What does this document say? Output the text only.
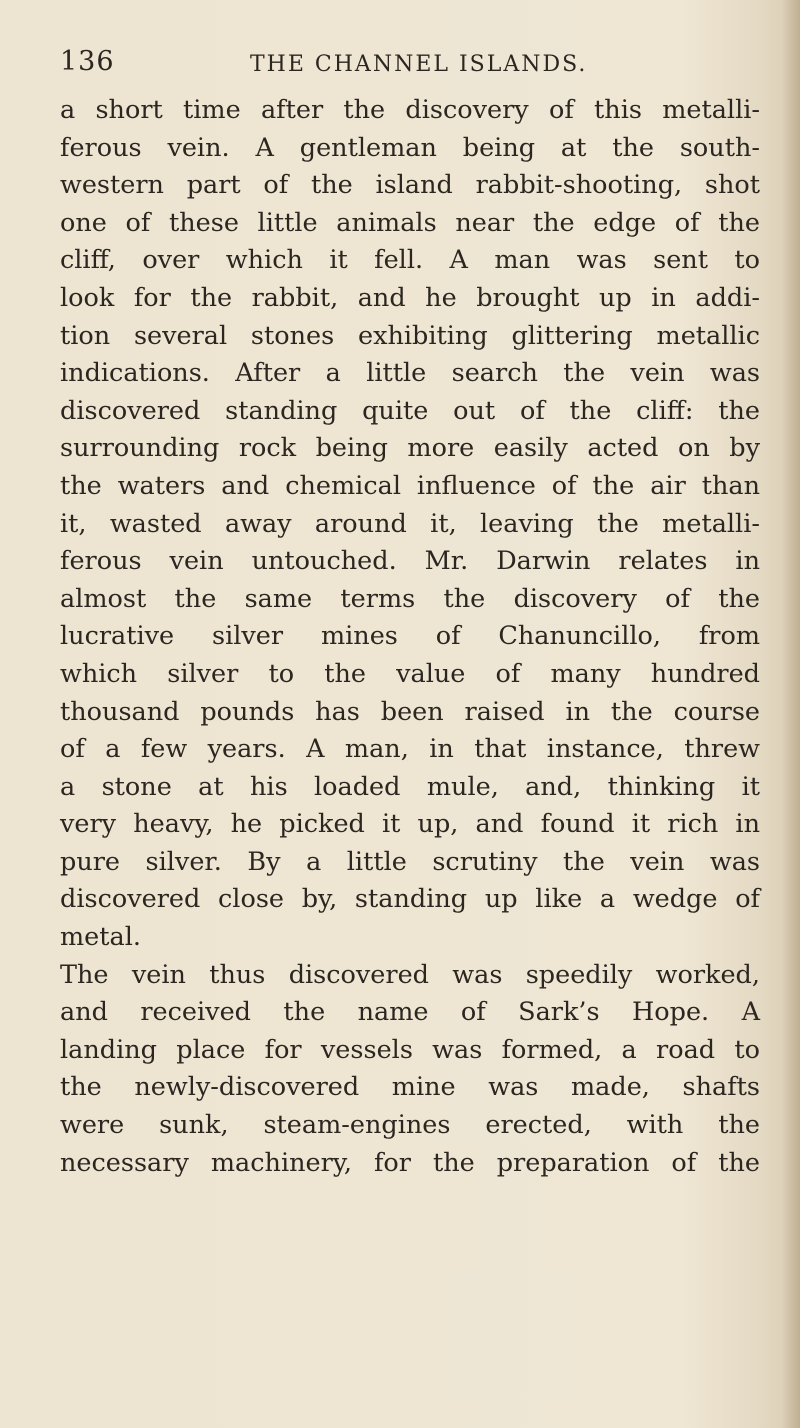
136	THE CHANNEL ISLANDS.
a short time after the discovery of this metalli-
ferous vein. A gentleman being at the south-
western part of the island rabbit-shooting, shot
one of these little animals near the edge of the
cliff, over which it fell. A man was sent to
look for the rabbit, and he brought up in addi-
tion several stones exhibiting glittering metallic
indications. After a little search the vein was
discovered standing quite out of the cliff: the
surrounding rock being more easily acted on by
the waters and chemical influence of the air than
it, wasted away around it, leaving the metalli-
ferous vein untouched. Mr. Darwin relates in
almost the same terms the discovery of the
lucrative silver mines of Chanuncillo, from
which silver to the value of many hundred
thousand pounds has been raised in the course
of a few years. A man, in that instance, threw
a stone at his loaded mule, and, thinking it
very heavy, he picked it up, and found it rich in
pure silver. By a little scrutiny the vein was
discovered close by, standing up like a wedge of
metal.
The vein thus discovered was speedily worked,
and received the name of Sark’s Hope. A
landing place for vessels was formed, a road to
the newly-discovered mine was made, shafts
were sunk, steam-engines erected, with the
necessary machinery, for the preparation of the
